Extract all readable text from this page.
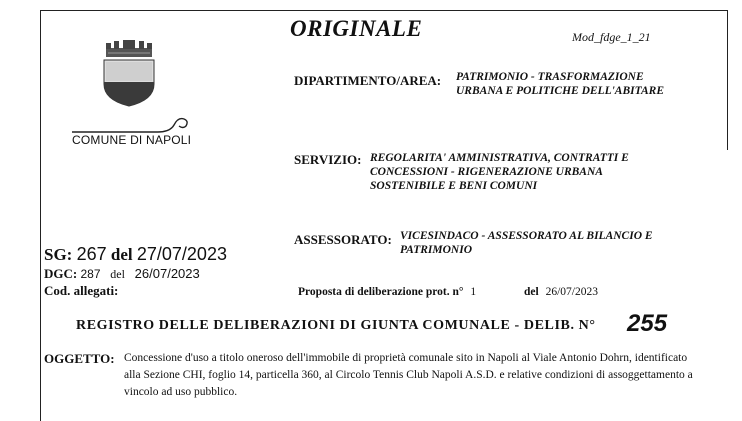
COMUNE DI NAPOLI
ORIGINALE	Mod_fdge_1_21
DIPARTIMENTO/AREA: PATRIMONIO - TRASFORMAZIONE
URBANA E POLITICHE DELL'ABITARE
SERVIZIO: REGOLARITA' AMMINISTRATIVA, CONTRATTI E
CONCESSIONI - RIGENERAZIONE URBANA
SOSTENIBILE E BENI COMUNI
ASSESSORATO: VICESINDACO - ASSESSORATO AL BILANCIO E
PATRIMONIO
SG: 267 del 27/07/2023
DGC: 287 del 26/07/2023
Cod. allegati:	Proposta di deliberazione prot. n° 1	del 26/07/2023
REGISTRO DELLE DELIBERAZIONI DI GIUNTA COMUNALE - DELIB. N° 255
OGGETTO: Concessione d'uso a titolo oneroso dell'immobile di proprietà comunale sito in Napoli al Viale Antonio Dohrn, identificato alla Sezione CHI, foglio 14, particella 360, al Circolo Tennis Club Napoli A.S.D. e relative condizioni di assoggettamento a vincolo ad uso pubblico.
